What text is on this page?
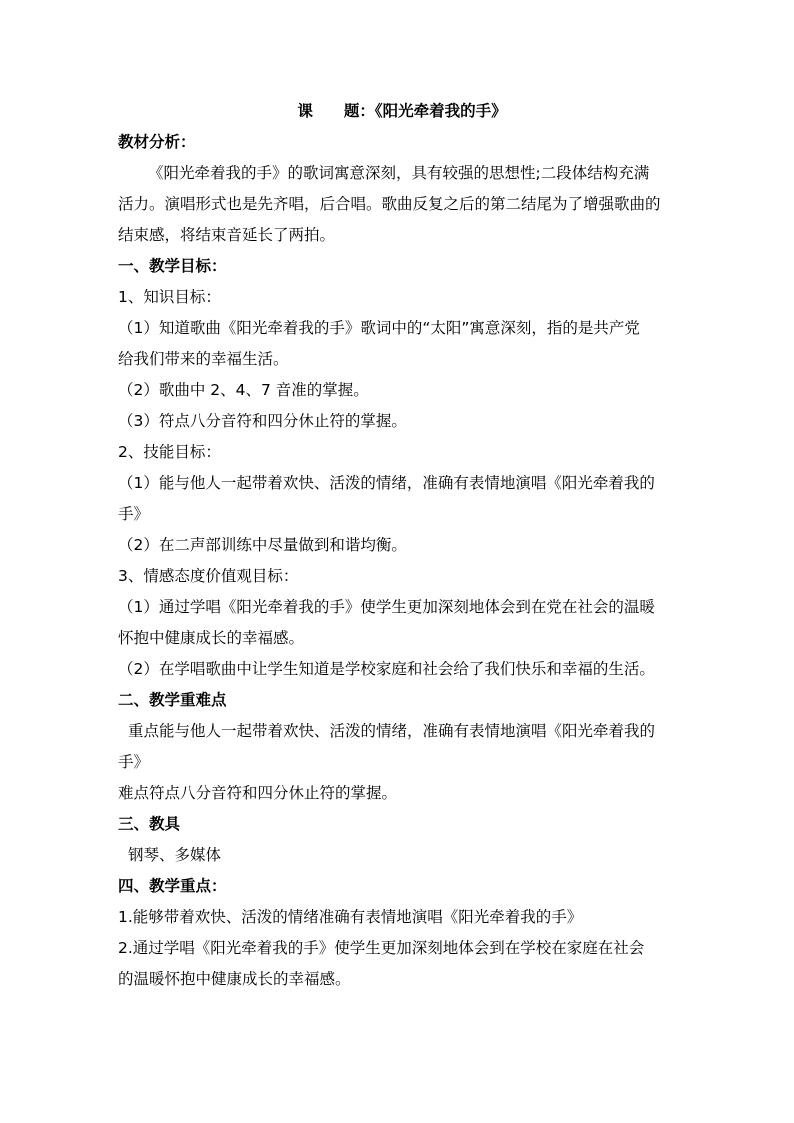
课　　题：《阳光牵着我的手》
教材分析：
《阳光牵着我的手》的歌词寓意深刻，具有较强的思想性;二段体结构充满
活力。演唱形式也是先齐唱，后合唱。歌曲反复之后的第二结尾为了增强歌曲的
结束感，将结束音延长了两拍。
一、教学目标：
1、知识目标：
（1）知道歌曲《阳光牵着我的手》歌词中的“太阳”寓意深刻，指的是共产党
给我们带来的幸福生活。
（2）歌曲中 2、4、7 音准的掌握。
（3）符点八分音符和四分休止符的掌握。
2、技能目标：
（1）能与他人一起带着欢快、活泼的情绪，准确有表情地演唱《阳光牵着我的
手》
（2）在二声部训练中尽量做到和谐均衡。
3、情感态度价值观目标：
（1）通过学唱《阳光牵着我的手》使学生更加深刻地体会到在党在社会的温暖
怀抱中健康成长的幸福感。
（2）在学唱歌曲中让学生知道是学校家庭和社会给了我们快乐和幸福的生活。
二、教学重难点
重点能与他人一起带着欢快、活泼的情绪，准确有表情地演唱《阳光牵着我的
手》
难点符点八分音符和四分休止符的掌握。
三、教具
钢琴、多媒体
四、教学重点：
1.能够带着欢快、活泼的情绪准确有表情地演唱《阳光牵着我的手》
2.通过学唱《阳光牵着我的手》使学生更加深刻地体会到在学校在家庭在社会
的温暖怀抱中健康成长的幸福感。
